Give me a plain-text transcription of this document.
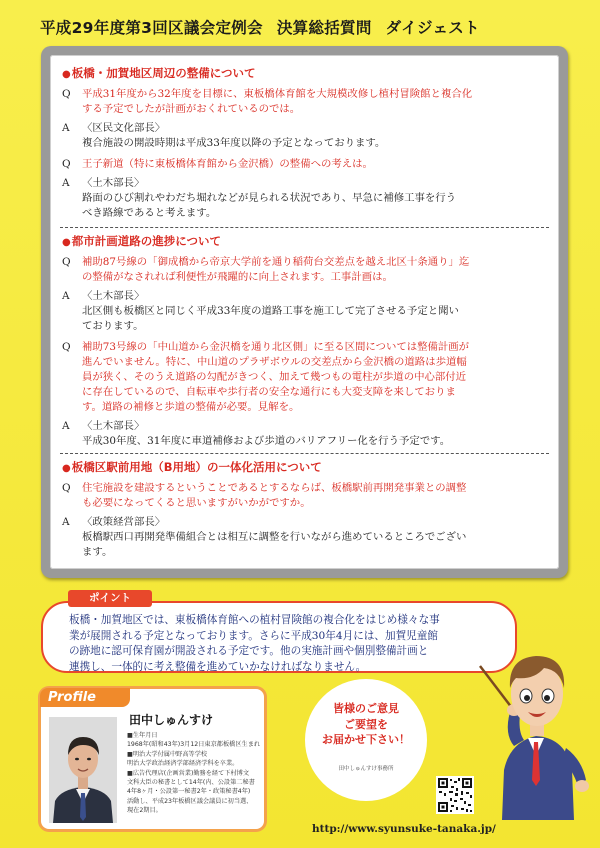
平成29年度第3回区議会定例会 決算総括質問 ダイジェスト
●板橋・加賀地区周辺の整備について
Q	平成31年度から32年度を目標に、東板橋体育館を大規模改修し植村冒険館と複合化
する予定でしたが計画がおくれているのでは。
A	〈区民文化部長〉
複合施設の開設時期は平成33年度以降の予定となっております。
Q	王子新道（特に東板橋体育館から金沢橋）の整備への考えは。
A	〈土木部長〉
路面のひび割れやわだち堀れなどが見られる状況であり、早急に補修工事を行う
べき路線であると考えます。
●都市計画道路の進捗について
Q	補助87号線の「御成橋から帝京大学前を通り稲荷台交差点を越え北区十条通り」迄
の整備がなされれば利便性が飛躍的に向上されます。工事計画は。
A	〈土木部長〉
北区側も板橋区と同じく平成33年度の道路工事を施工して完了させる予定と聞い
ております。
Q	補助73号線の「中山道から金沢橋を通り北区側」に至る区間については整備計画が
進んでいません。特に、中山道のプラザボウルの交差点から金沢橋の道路は歩道幅
員が狭く、そのうえ道路の勾配がきつく、加えて幾つもの電柱が歩道の中心部付近
に存在しているので、自転車や歩行者の安全な通行にも大変支障を来しておりま
す。道路の補修と歩道の整備が必要。見解を。
A	〈土木部長〉
平成30年度、31年度に車道補修および歩道のバリアフリー化を行う予定です。
●板橋区駅前用地（B用地）の一体化活用について
Q	住宅施設を建設するということであるとするならば、板橋駅前再開発事業との調整
も必要になってくると思いますがいかがですか。
A	〈政策経営部長〉
板橋駅西口再開発準備組合とは相互に調整を行いながら進めているところでござい
ます。
板橋・加賀地区では、東板橋体育館への植村冒険館の複合化をはじめ様々な事
業が展開される予定となっております。さらに平成30年4月には、加賀児童館
の跡地に認可保育園が開設される予定です。他の実施計画や個別整備計画と
連携し、一体的に考え整備を進めていかなければなりません。
ポイント
Profile
田中しゅんすけ
■生年月日
1968年(昭和43年)3月12日東京都板橋区生まれ
■明治大学付属中野高等学校
明治大学政治経済学部経済学科を卒業。
■広告代理店(企画営業)勤務を経て下村博文
文科大臣の秘書として14年(内、公設第二秘書
4年8ヶ月・公設第一秘書2年・政策秘書4年)
活動し、平成23年板橋区議会議員に初当選、
現在2期目。
皆様のご意見
ご要望を
お届かせ下さい！
田中しゅんすけ事務所
http://www.syunsuke-tanaka.jp/
